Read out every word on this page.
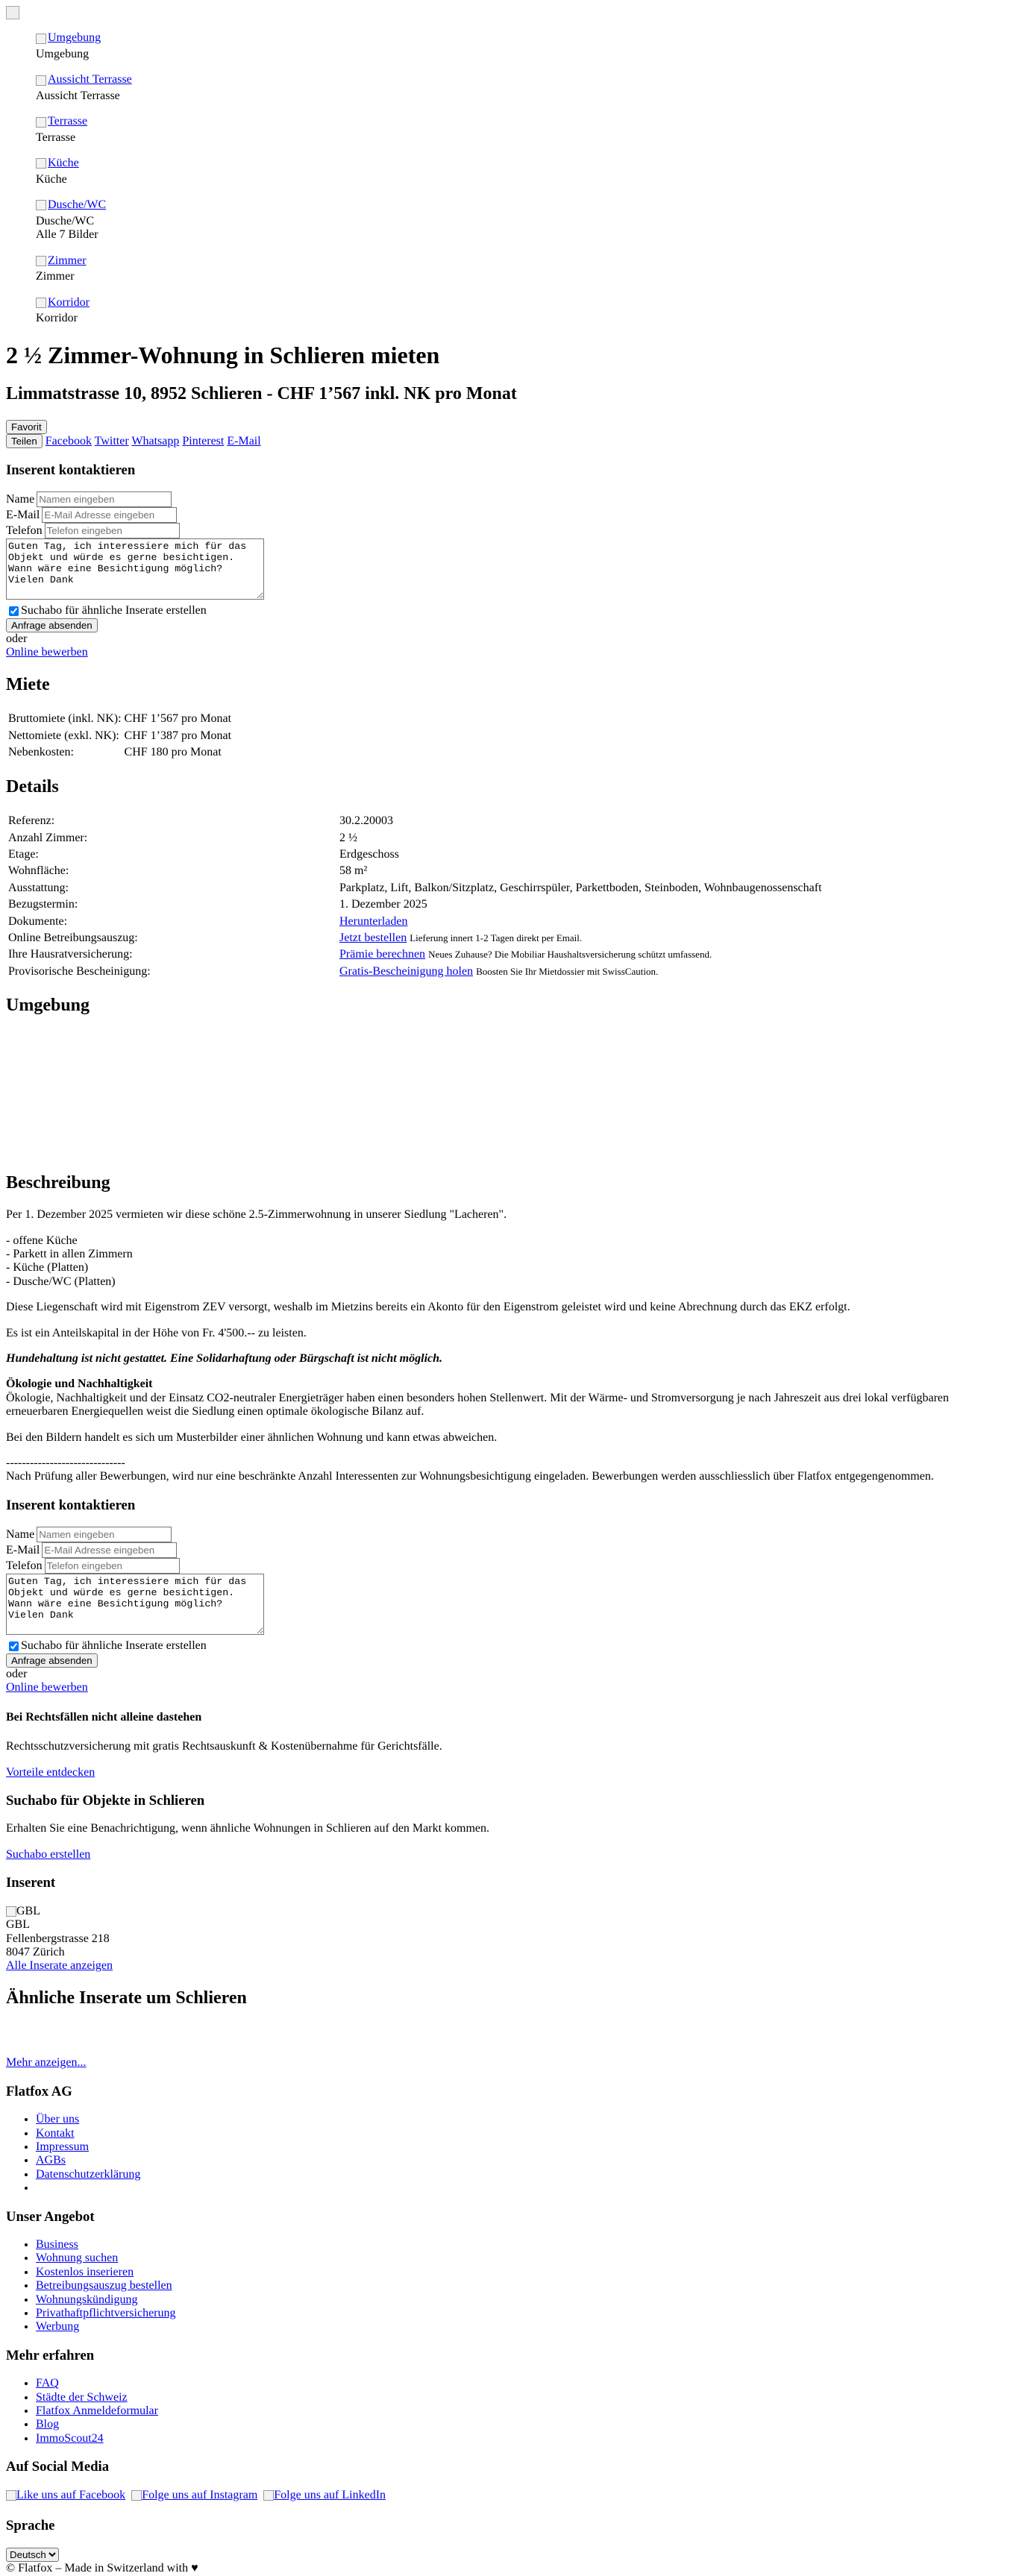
Umgebung

Umgebung
Aussicht Terrasse

Aussicht Terrasse
Terrasse

Terrasse
Küche

Küche
Dusche/WC

Dusche/WC
Alle 7 Bilder
Zimmer

Zimmer
Korridor

Korridor
2 ½ Zimmer-Wohnung in Schlieren mieten
Limmatstrasse 10, 8952 Schlieren - CHF 1’567 inkl. NK pro Monat
Favorit
Teilen Facebook Twitter Whatsapp Pinterest E-Mail
Inserent kontaktieren
NameNamen eingeben
E-MailE-Mail Adresse eingeben
TelefonTelefon eingeben
Guten Tag, ich interessiere mich für das Objekt und würde es gerne besichtigen. Wann wäre eine Besichtigung möglich? Vielen Dank
Suchabo für ähnliche Inserate erstellen
Anfrage absenden
oder
Online bewerben
Miete
Bruttomiete (inkl. NK):	CHF 1’567 pro Monat
Nettomiete (exkl. NK):	CHF 1’387 pro Monat
Nebenkosten:	CHF 180 pro Monat
Details
Referenz:	30.2.20003
Anzahl Zimmer:	2 ½
Etage:	Erdgeschoss
Wohnfläche:	58 m²
Ausstattung:	Parkplatz, Lift, Balkon/Sitzplatz, Geschirrspüler, Parkettboden, Steinboden, Wohnbaugenossenschaft
Bezugstermin:	1. Dezember 2025
Dokumente:	Herunterladen
Online Betreibungsauszug:	Jetzt bestellen Lieferung innert 1-2 Tagen direkt per Email.
Ihre Hausratversicherung:	Prämie berechnen Neues Zuhause? Die Mobiliar Haushaltsversicherung schützt umfassend.
Provisorische Bescheinigung:	Gratis-Bescheinigung holen Boosten Sie Ihr Mietdossier mit SwissCaution.
Umgebung
Beschreibung

Per 1. Dezember 2025 vermieten wir diese schöne 2.5-Zimmerwohnung in unserer Siedlung "Lacheren".

- offene Küche
- Parkett in allen Zimmern
- Küche (Platten)
- Dusche/WC (Platten)

Diese Liegenschaft wird mit Eigenstrom ZEV versorgt, weshalb im Mietzins bereits ein Akonto für den Eigenstrom geleistet wird und keine Abrechnung durch das EKZ erfolgt.

Es ist ein Anteilskapital in der Höhe von Fr. 4'500.-- zu leisten.

Hundehaltung ist nicht gestattet. Eine Solidarhaftung oder Bürgschaft ist nicht möglich.

Ökologie und Nachhaltigkeit
Ökologie, Nachhaltigkeit und der Einsatz CO2-neutraler Energieträger haben einen besonders hohen Stellenwert. Mit der Wärme- und Stromversorgung je nach Jahreszeit aus drei lokal verfügbaren erneuerbaren Energiequellen weist die Siedlung einen optimale ökologische Bilanz auf.

Bei den Bildern handelt es sich um Musterbilder einer ähnlichen Wohnung und kann etwas abweichen.

------------------------------
Nach Prüfung aller Bewerbungen, wird nur eine beschränkte Anzahl Interessenten zur Wohnungsbesichtigung eingeladen. Bewerbungen werden ausschliesslich über Flatfox entgegengenommen.

Inserent kontaktieren
NameNamen eingeben
E-MailE-Mail Adresse eingeben
TelefonTelefon eingeben
Guten Tag, ich interessiere mich für das Objekt und würde es gerne besichtigen. Wann wäre eine Besichtigung möglich? Vielen Dank
Suchabo für ähnliche Inserate erstellen
Anfrage absenden
oder
Online bewerben
Bei Rechtsfällen nicht alleine dastehen

Rechtsschutzversicherung mit gratis Rechtsauskunft & Kostenübernahme für Gerichtsfälle.

Vorteile entdecken

Suchabo für Objekte in Schlieren

Erhalten Sie eine Benachrichtigung, wenn ähnliche Wohnungen in Schlieren auf den Markt kommen.

Suchabo erstellen

Inserent
GBL
GBL
Fellenbergstrasse 218
8047 Zürich
Alle Inserate anzeigen
Ähnliche Inserate um Schlieren
Mehr anzeigen...
Flatfox AG
• Über uns
• Kontakt
• Impressum
• AGBs
• Datenschutzerklärung
•
Unser Angebot
• Business
• Wohnung suchen
• Kostenlos inserieren
• Betreibungsauszug bestellen
• Wohnungskündigung
• Privathaftpflichtversicherung
• Werbung
Mehr erfahren
• FAQ
• Städte der Schweiz
• Flatfox Anmeldeformular
• Blog
• ImmoScout24
Auf Social Media
Like uns auf Facebook
Folge uns auf Instagram
Folge uns auf LinkedIn
Sprache
Deutsch
© Flatfox – Made in Switzerland with ♥
